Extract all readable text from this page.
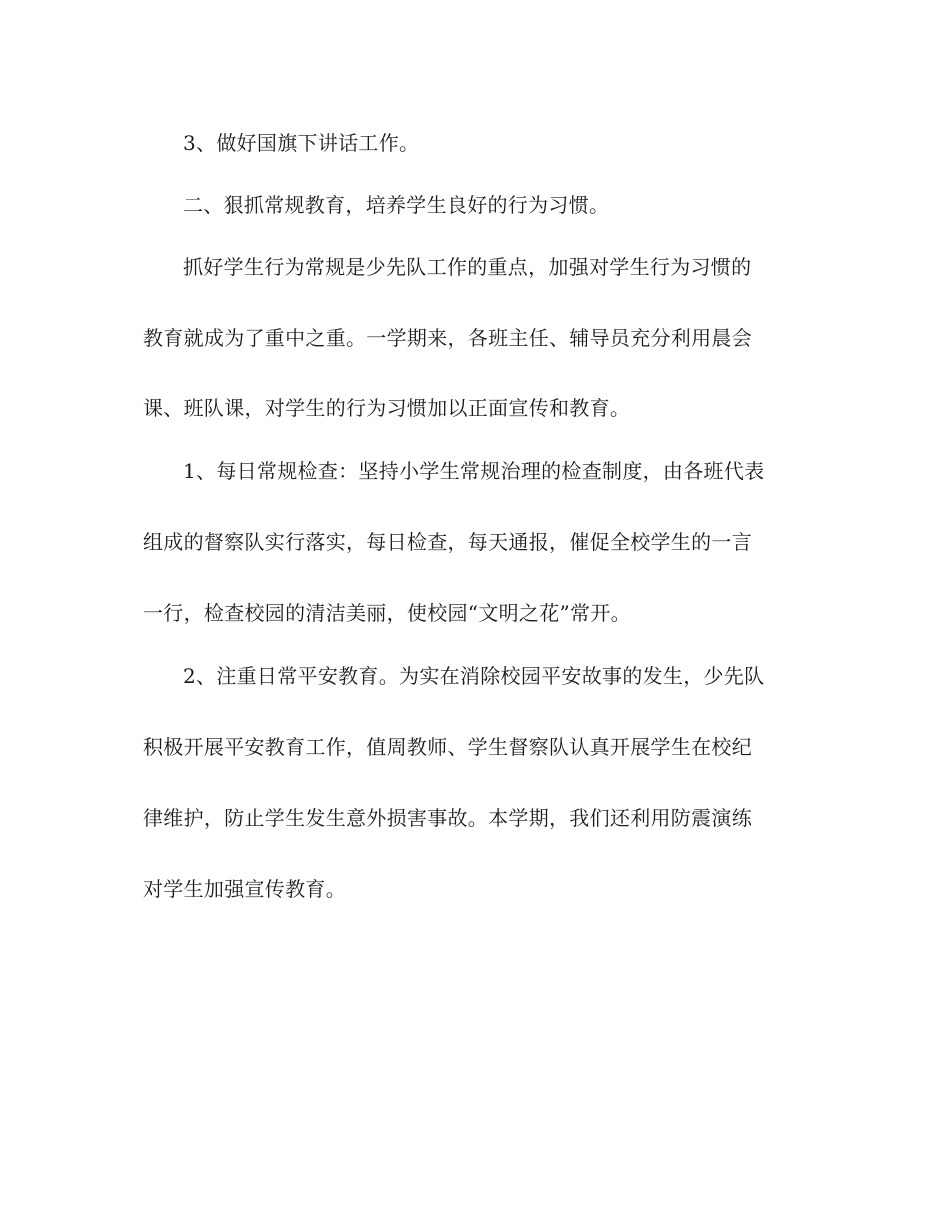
3、做好国旗下讲话工作。

二、狠抓常规教育，培养学生良好的行为习惯。

抓好学生行为常规是少先队工作的重点，加强对学生行为习惯的

教育就成为了重中之重。一学期来，各班主任、辅导员充分利用晨会

课、班队课，对学生的行为习惯加以正面宣传和教育。

1、每日常规检查：坚持小学生常规治理的检查制度，由各班代表

组成的督察队实行落实，每日检查，每天通报，催促全校学生的一言

一行，检查校园的清洁美丽，使校园“文明之花”常开。

2、注重日常平安教育。为实在消除校园平安故事的发生，少先队

积极开展平安教育工作，值周教师、学生督察队认真开展学生在校纪

律维护，防止学生发生意外损害事故。本学期，我们还利用防震演练

对学生加强宣传教育。
